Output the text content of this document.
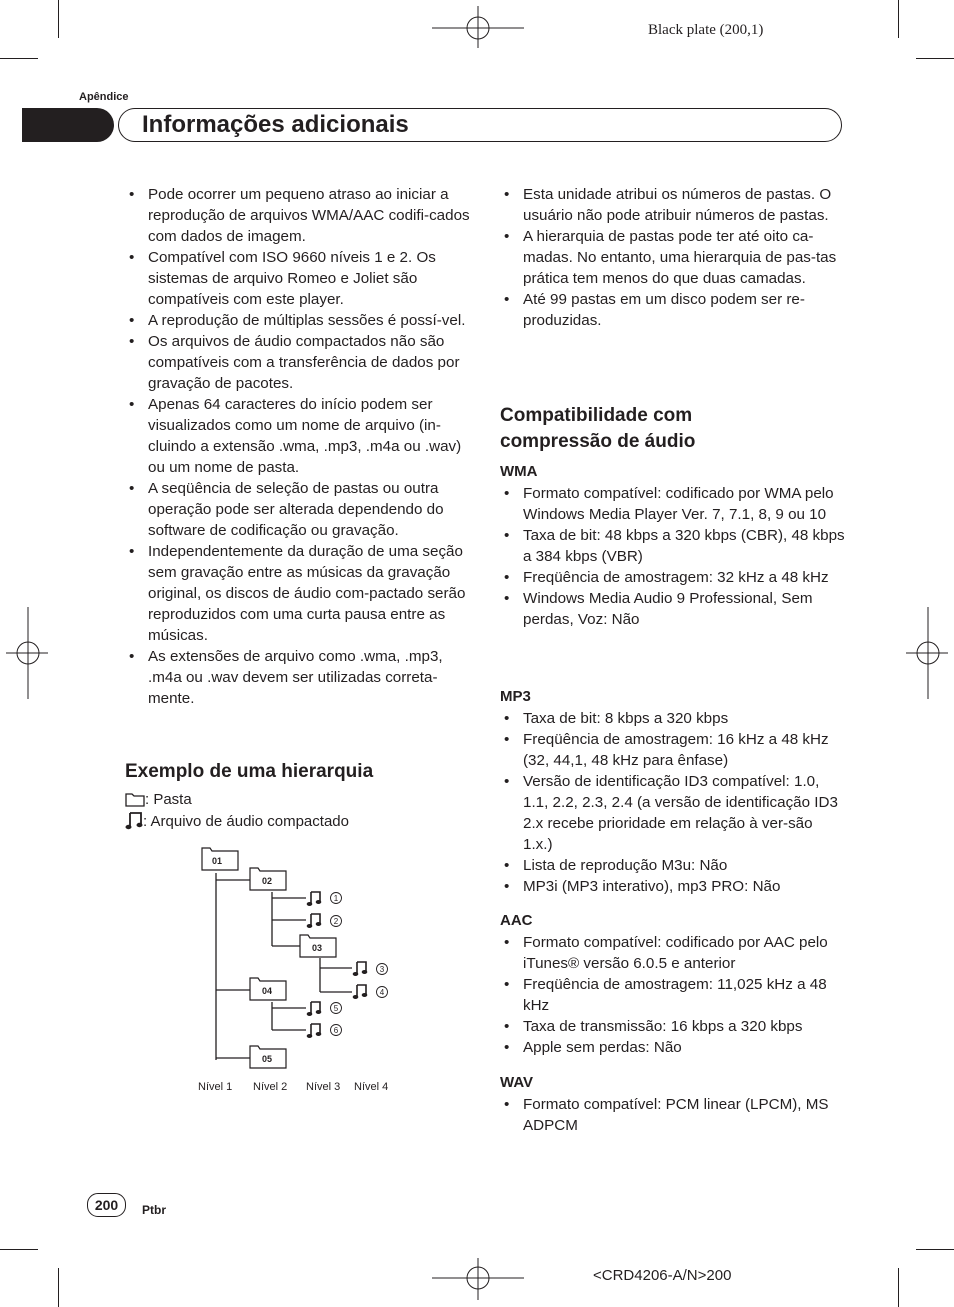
Black plate (200,1)
Apêndice
Informações adicionais
• Pode ocorrer um pequeno atraso ao iniciar a reprodução de arquivos WMA/AAC codifi-cados com dados de imagem.
• Compatível com ISO 9660 níveis 1 e 2. Os sistemas de arquivo Romeo e Joliet são compatíveis com este player.
• A reprodução de múltiplas sessões é possí-vel.
• Os arquivos de áudio compactados não são compatíveis com a transferência de dados por gravação de pacotes.
• Apenas 64 caracteres do início podem ser visualizados como um nome de arquivo (in-cluindo a extensão .wma, .mp3, .m4a ou .wav) ou um nome de pasta.
• A seqüência de seleção de pastas ou outra operação pode ser alterada dependendo do software de codificação ou gravação.
• Independentemente da duração de uma seção sem gravação entre as músicas da gravação original, os discos de áudio com-pactado serão reproduzidos com uma curta pausa entre as músicas.
• As extensões de arquivo como .wma, .mp3, .m4a ou .wav devem ser utilizadas correta-mente.
Exemplo de uma hierarquia
: Pasta
: Arquivo de áudio compactado
01
02
03
04
05
1
2
3
4
5
6
Nível 1 Nível 2 Nível 3 Nível 4
• Esta unidade atribui os números de pastas. O usuário não pode atribuir números de pastas.
• A hierarquia de pastas pode ter até oito ca-madas. No entanto, uma hierarquia de pas-tas prática tem menos do que duas camadas.
• Até 99 pastas em um disco podem ser re-produzidas.
Compatibilidade com
compressão de áudio
WMA
• Formato compatível: codificado por WMA pelo Windows Media Player Ver. 7, 7.1, 8, 9 ou 10
• Taxa de bit: 48 kbps a 320 kbps (CBR), 48 kbps a 384 kbps (VBR)
• Freqüência de amostragem: 32 kHz a 48 kHz
• Windows Media Audio 9 Professional, Sem perdas, Voz: Não
MP3
• Taxa de bit: 8 kbps a 320 kbps
• Freqüência de amostragem: 16 kHz a 48 kHz (32, 44,1, 48 kHz para ênfase)
• Versão de identificação ID3 compatível: 1.0, 1.1, 2.2, 2.3, 2.4 (a versão de identificação ID3 2.x recebe prioridade em relação à ver-são 1.x.)
• Lista de reprodução M3u: Não
• MP3i (MP3 interativo), mp3 PRO: Não
AAC
• Formato compatível: codificado por AAC pelo iTunes® versão 6.0.5 e anterior
• Freqüência de amostragem: 11,025 kHz a 48 kHz
• Taxa de transmissão: 16 kbps a 320 kbps
• Apple sem perdas: Não
WAV
• Formato compatível: PCM linear (LPCM), MS ADPCM
200	Ptbr
<CRD4206-A/N>200
